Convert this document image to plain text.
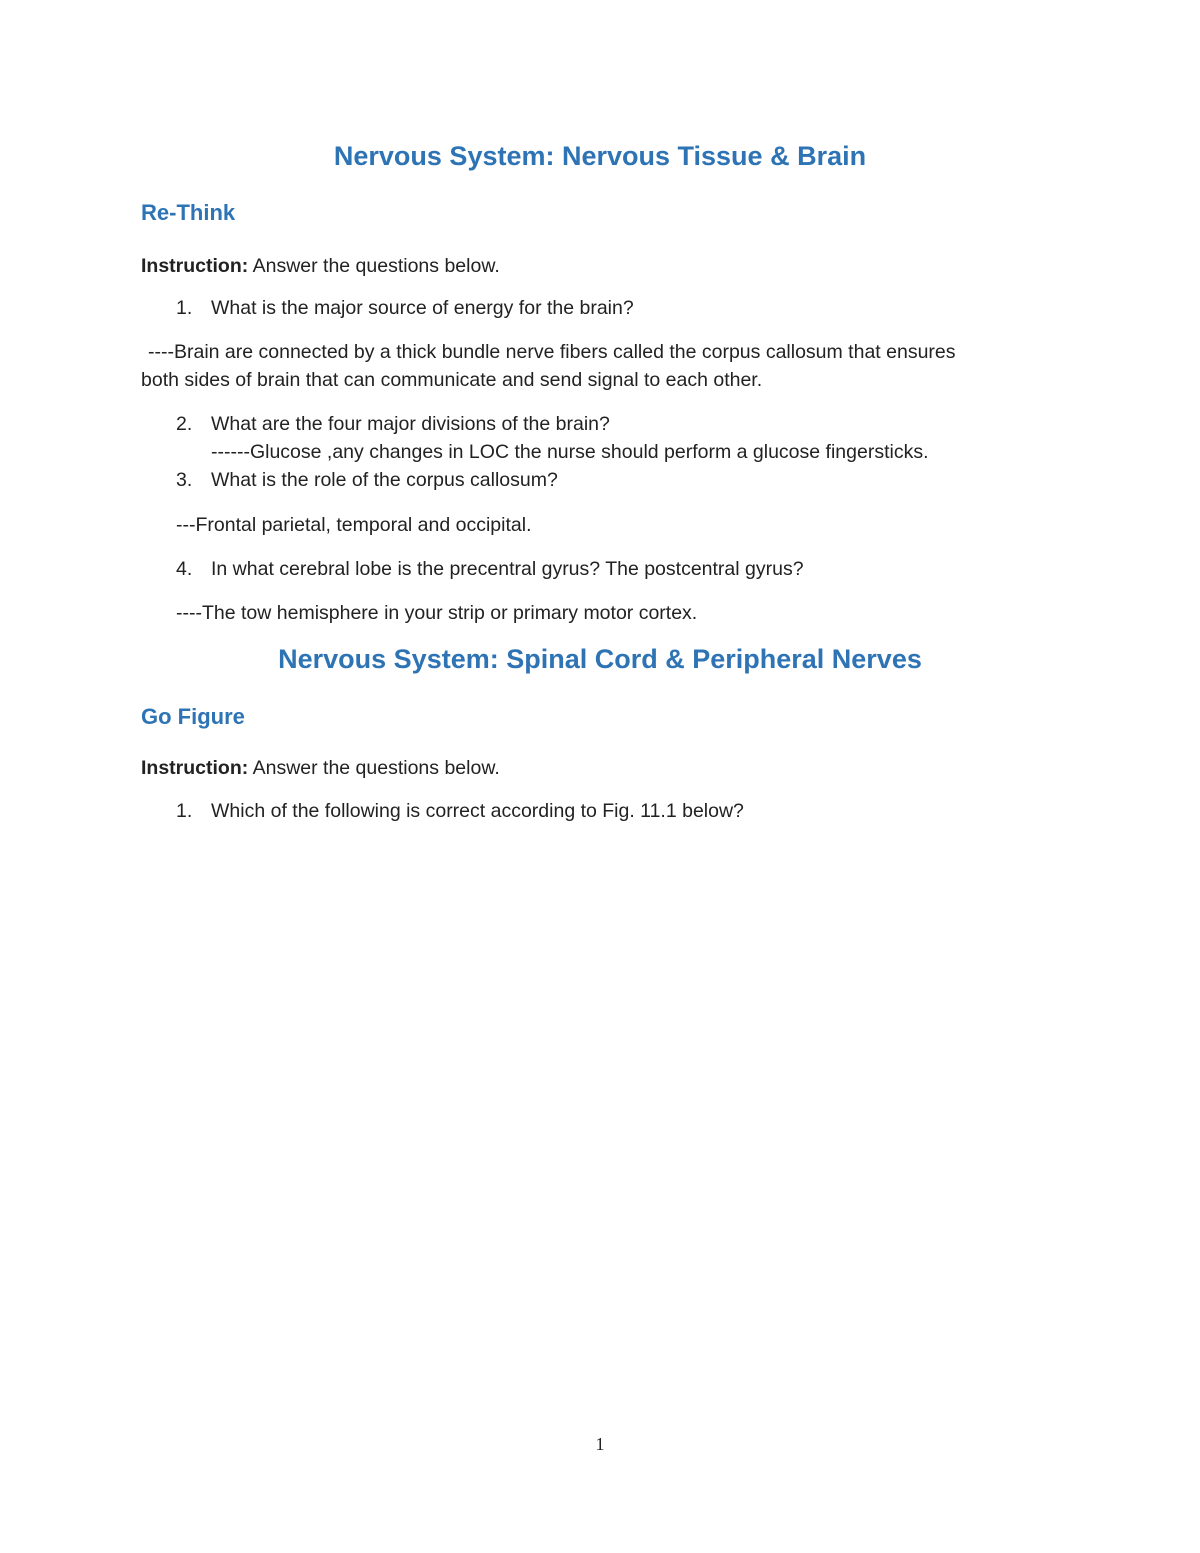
Nervous System: Nervous Tissue & Brain
Re-Think
Instruction: Answer the questions below.
1. What is the major source of energy for the brain?
----Brain are connected by a thick bundle nerve fibers called the corpus callosum that ensures
both sides of brain that can communicate and send signal to each other.
2. What are the four major divisions of the brain?
------Glucose ,any changes in LOC the nurse should perform a glucose fingersticks.
3. What is the role of the corpus callosum?
---Frontal parietal, temporal and occipital.
4. In what cerebral lobe is the precentral gyrus? The postcentral gyrus?
----The tow hemisphere in your strip or primary motor cortex.
Nervous System: Spinal Cord & Peripheral Nerves
Go Figure
Instruction: Answer the questions below.
1. Which of the following is correct according to Fig. 11.1 below?
1
